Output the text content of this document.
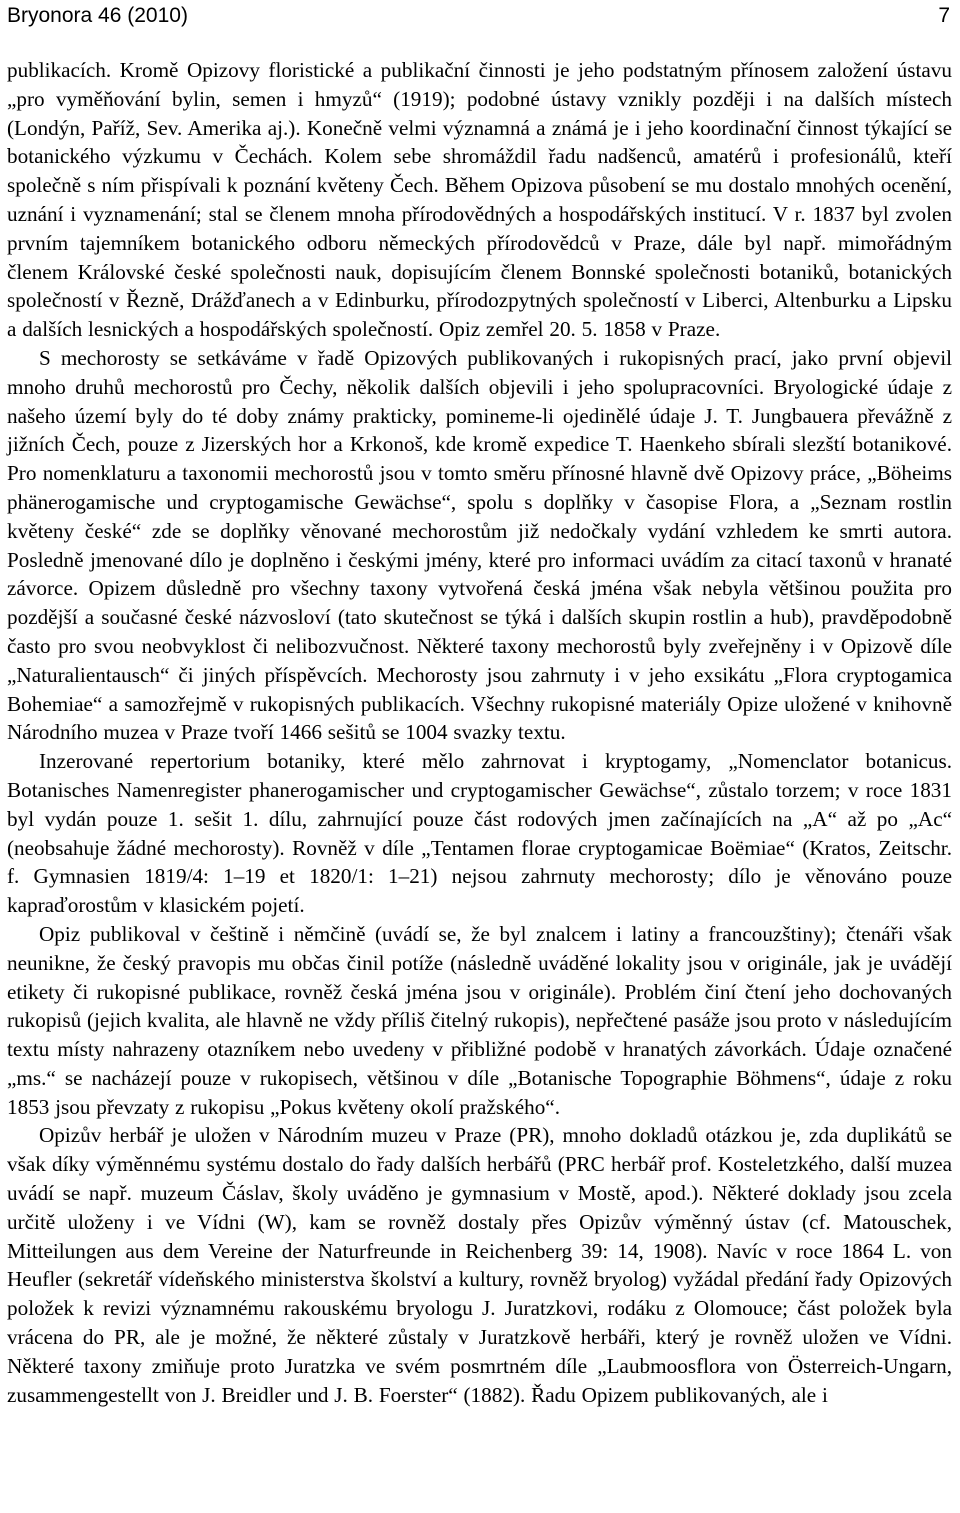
Bryonora 46 (2010)	7

publikacích. Kromě Opizovy floristické a publikační činnosti je jeho podstatným přínosem založení ústavu „pro vyměňování bylin, semen i hmyzů“ (1919); podobné ústavy vznikly později i na dalších místech (Londýn, Paříž, Sev. Amerika aj.). Konečně velmi významná a známá je i jeho koordinační činnost týkající se botanického výzkumu v Čechách. Kolem sebe shromáždil řadu nadšenců, amatérů i profesionálů, kteří společně s ním přispívali k poznání květeny Čech. Během Opizova působení se mu dostalo mnohých ocenění, uznání i vyznamenání; stal se členem mnoha přírodovědných a hospodářských institucí. V r. 1837 byl zvolen prvním tajemníkem botanického odboru německých přírodovědců v Praze, dále byl např. mimořádným členem Královské české společnosti nauk, dopisujícím členem Bonnské společnosti botaniků, botanických společností v Řezně, Drážďanech a v Edinburku, přírodozpytných společností v Liberci, Altenburku a Lipsku a dalších lesnických a hospodářských společností. Opiz zemřel 20. 5. 1858 v Praze.

S mechorosty se setkáváme v řadě Opizových publikovaných i rukopisných prací, jako první objevil mnoho druhů mechorostů pro Čechy, několik dalších objevili i jeho spolupracovníci. Bryologické údaje z našeho území byly do té doby známy prakticky, pomineme-li ojedinělé údaje J. T. Jungbauera převážně z jižních Čech, pouze z Jizerských hor a Krkonoš, kde kromě expedice T. Haenkeho sbírali slezští botanikové. Pro nomenklaturu a taxonomii mechorostů jsou v tomto směru přínosné hlavně dvě Opizovy práce, „Böheims phänerogamische und cryptogamische Gewächse“, spolu s doplňky v časopise Flora, a „Seznam rostlin květeny české“ zde se doplňky věnované mechorostům již nedočkaly vydání vzhledem ke smrti autora. Posledně jmenované dílo je doplněno i českými jmény, které pro informaci uvádím za citací taxonů v hranaté závorce. Opizem důsledně pro všechny taxony vytvořená česká jména však nebyla většinou použita pro pozdější a současné české názvosloví (tato skutečnost se týká i dalších skupin rostlin a hub), pravděpodobně často pro svou neobvyklost či nelibozvučnost. Některé taxony mechorostů byly zveřejněny i v Opizově díle „Naturalientausch“ či jiných příspěvcích. Mechorosty jsou zahrnuty i v jeho exsikátu „Flora cryptogamica Bohemiae“ a samozřejmě v rukopisných publikacích. Všechny rukopisné materiály Opize uložené v knihovně Národního muzea v Praze tvoří 1466 sešitů se 1004 svazky textu.

Inzerované repertorium botaniky, které mělo zahrnovat i kryptogamy, „Nomenclator botanicus. Botanisches Namenregister phanerogamischer und cryptogamischer Gewächse“, zůstalo torzem; v roce 1831 byl vydán pouze 1. sešit 1. dílu, zahrnující pouze část rodových jmen začínajících na „A“ až po „Ac“ (neobsahuje žádné mechorosty). Rovněž v díle „Tentamen florae cryptogamicae Boëmiae“ (Kratos, Zeitschr. f. Gymnasien 1819/4: 1–19 et 1820/1: 1–21) nejsou zahrnuty mechorosty; dílo je věnováno pouze kapraďorostům v klasickém pojetí.

Opiz publikoval v češtině i němčině (uvádí se, že byl znalcem i latiny a francouzštiny); čtenáři však neunikne, že český pravopis mu občas činil potíže (následně uváděné lokality jsou v originále, jak je uvádějí etikety či rukopisné publikace, rovněž česká jména jsou v originále). Problém činí čtení jeho dochovaných rukopisů (jejich kvalita, ale hlavně ne vždy příliš čitelný rukopis), nepřečtené pasáže jsou proto v následujícím textu místy nahrazeny otazníkem nebo uvedeny v přibližné podobě v hranatých závorkách. Údaje označené „ms.“ se nacházejí pouze v rukopisech, většinou v díle „Botanische Topographie Böhmens“, údaje z roku 1853 jsou převzaty z rukopisu „Pokus květeny okolí pražského“.

Opizův herbář je uložen v Národním muzeu v Praze (PR), mnoho dokladů otázkou je, zda duplikátů se však díky výměnnému systému dostalo do řady dalších herbářů (PRC herbář prof. Kosteletzkého, další muzea uvádí se např. muzeum Čáslav, školy uváděno je gymnasium v Mostě, apod.). Některé doklady jsou zcela určitě uloženy i ve Vídni (W), kam se rovněž dostaly přes Opizův výměnný ústav (cf. Matouschek, Mitteilungen aus dem Vereine der Naturfreunde in Reichenberg 39: 14, 1908). Navíc v roce 1864 L. von Heufler (sekretář vídeňského ministerstva školství a kultury, rovněž bryolog) vyžádal předání řady Opizových položek k revizi významnému rakouskému bryologu J. Juratzkovi, rodáku z Olomouce; část položek byla vrácena do PR, ale je možné, že některé zůstaly v Juratzkově herbáři, který je rovněž uložen ve Vídni. Některé taxony zmiňuje proto Juratzka ve svém posmrtném díle „Laubmoosflora von Österreich-Ungarn, zusammengestellt von J. Breidler und J. B. Foerster“ (1882). Řadu Opizem publikovaných, ale i
